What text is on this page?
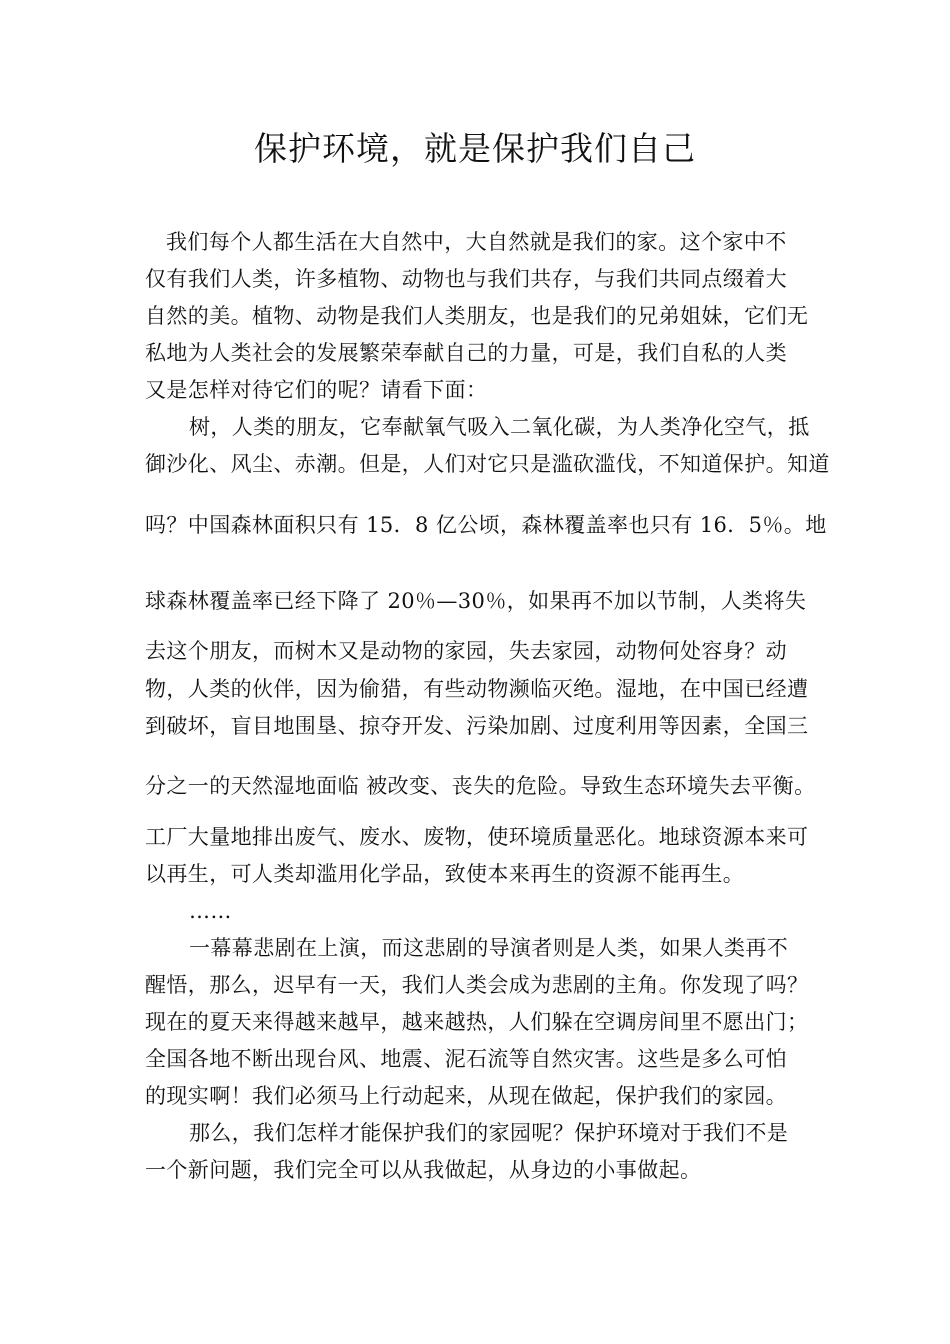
保护环境，就是保护我们自己
我们每个人都生活在大自然中，大自然就是我们的家。这个家中不
仅有我们人类，许多植物、动物也与我们共存，与我们共同点缀着大
自然的美。植物、动物是我们人类朋友，也是我们的兄弟姐妹，它们无
私地为人类社会的发展繁荣奉献自己的力量，可是，我们自私的人类
又是怎样对待它们的呢？请看下面：
树，人类的朋友，它奉献氧气吸入二氧化碳，为人类净化空气，抵
御沙化、风尘、赤潮。但是，人们对它只是滥砍滥伐，不知道保护。知道
吗？中国森林面积只有 15．8 亿公顷，森林覆盖率也只有 16．5％。地
球森林覆盖率已经下降了 20％—30％，如果再不加以节制，人类将失
去这个朋友，而树木又是动物的家园，失去家园，动物何处容身？动
物，人类的伙伴，因为偷猎，有些动物濒临灭绝。湿地，在中国已经遭
到破坏，盲目地围垦、掠夺开发、污染加剧、过度利用等因素，全国三
分之一的天然湿地面临 被改变、丧失的危险。导致生态环境失去平衡。
工厂大量地排出废气、废水、废物，使环境质量恶化。地球资源本来可
以再生，可人类却滥用化学品，致使本来再生的资源不能再生。
……
一幕幕悲剧在上演，而这悲剧的导演者则是人类，如果人类再不
醒悟，那么，迟早有一天，我们人类会成为悲剧的主角。你发现了吗？
现在的夏天来得越来越早，越来越热，人们躲在空调房间里不愿出门；
全国各地不断出现台风、地震、泥石流等自然灾害。这些是多么可怕
的现实啊！我们必须马上行动起来，从现在做起，保护我们的家园。
那么，我们怎样才能保护我们的家园呢？保护环境对于我们不是
一个新问题，我们完全可以从我做起，从身边的小事做起。
